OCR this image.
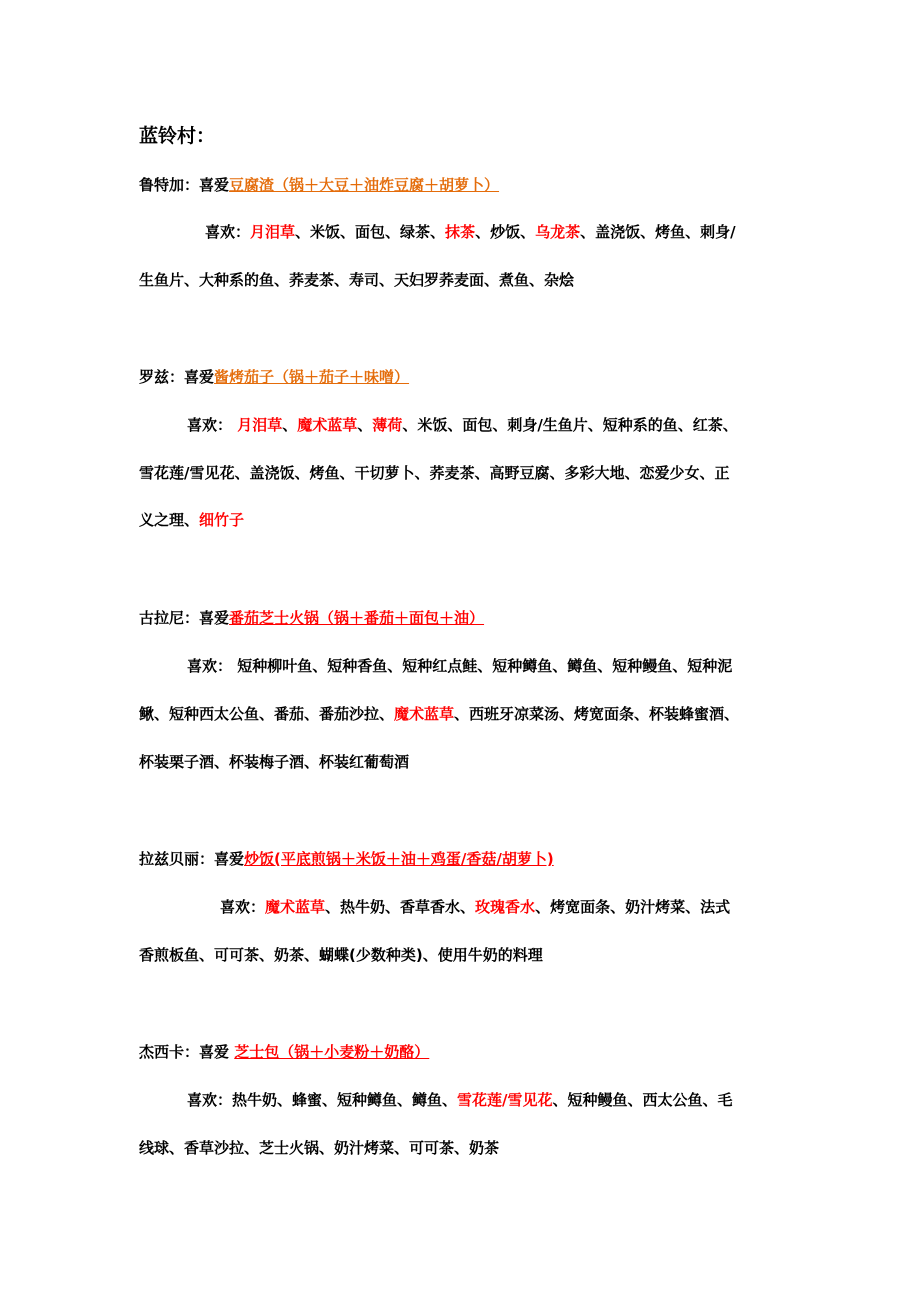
蓝铃村：
鲁特加：喜爱豆腐渣（锅＋大豆＋油炸豆腐＋胡萝卜）
喜欢：月泪草、米饭、面包、绿茶、抹茶、炒饭、乌龙茶、盖浇饭、烤鱼、刺身/
生鱼片、大种系的鱼、荞麦茶、寿司、天妇罗荞麦面、煮鱼、杂烩
罗兹：喜爱酱烤茄子（锅＋茄子＋味噌）
喜欢： 月泪草、魔术蓝草、薄荷、米饭、面包、刺身/生鱼片、短种系的鱼、红茶、
雪花莲/雪见花、盖浇饭、烤鱼、干切萝卜、荞麦茶、高野豆腐、多彩大地、恋爱少女、正
义之理、细竹子
古拉尼：喜爱番茄芝士火锅（锅＋番茄＋面包＋油）
喜欢： 短种柳叶鱼、短种香鱼、短种红点鲑、短种鳟鱼、鳟鱼、短种鳗鱼、短种泥
鳅、短种西太公鱼、番茄、番茄沙拉、魔术蓝草、西班牙凉菜汤、烤宽面条、杯装蜂蜜酒、
杯装栗子酒、杯装梅子酒、杯装红葡萄酒
拉兹贝丽：喜爱炒饭(平底煎锅＋米饭＋油＋鸡蛋/香菇/胡萝卜)
喜欢：魔术蓝草、热牛奶、香草香水、玫瑰香水、烤宽面条、奶汁烤菜、法式
香煎板鱼、可可茶、奶茶、蝴蝶(少数种类)、使用牛奶的料理
杰西卡：喜爱 芝士包（锅＋小麦粉＋奶酪）
喜欢：热牛奶、蜂蜜、短种鳟鱼、鳟鱼、雪花莲/雪见花、短种鳗鱼、西太公鱼、毛
线球、香草沙拉、芝士火锅、奶汁烤菜、可可茶、奶茶
